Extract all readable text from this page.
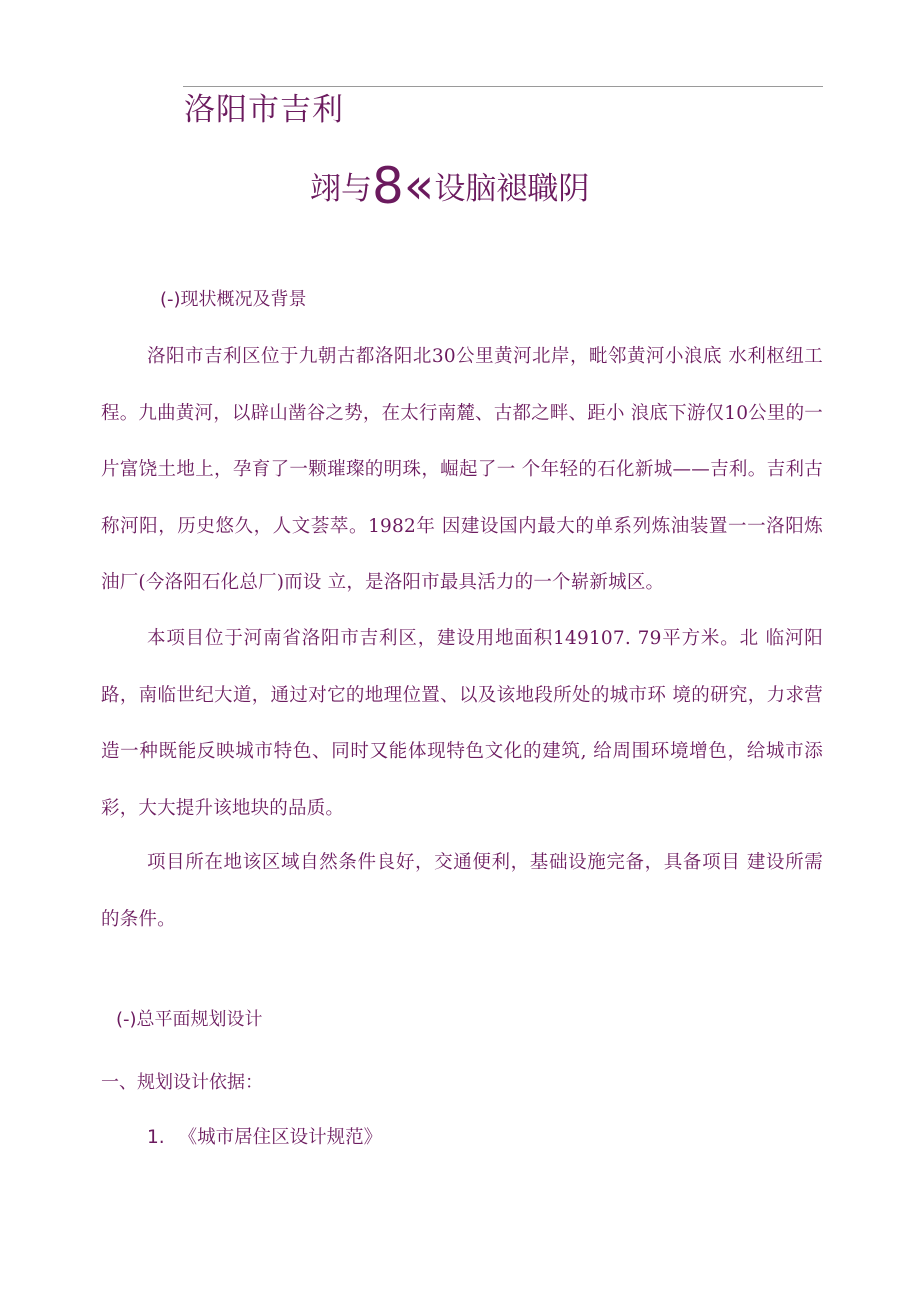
洛阳市吉利
翊与8«设脑褪職阴
(-)现状概况及背景
洛阳市吉利区位于九朝古都洛阳北30公里黄河北岸，毗邻黄河小浪底 水利枢纽工程。九曲黄河，以辟山凿谷之势，在太行南麓、古都之畔、距小 浪底下游仅10公里的一片富饶土地上，孕育了一颗璀璨的明珠，崛起了一 个年轻的石化新城——吉利。吉利古称河阳，历史悠久，人文荟萃。1982年 因建设国内最大的单系列炼油装置一一洛阳炼油厂(今洛阳石化总厂)而设 立，是洛阳市最具活力的一个崭新城区。
本项目位于河南省洛阳市吉利区，建设用地面积149107. 79平方米。北 临河阳路，南临世纪大道，通过对它的地理位置、以及该地段所处的城市环 境的研究，力求营造一种既能反映城市特色、同时又能体现特色文化的建筑, 给周围环境增色，给城市添彩，大大提升该地块的品质。
项目所在地该区域自然条件良好，交通便利，基础设施完备，具备项目 建设所需的条件。
(-)总平面规划设计
一、规划设计依据：
1. 《城市居住区设计规范》
